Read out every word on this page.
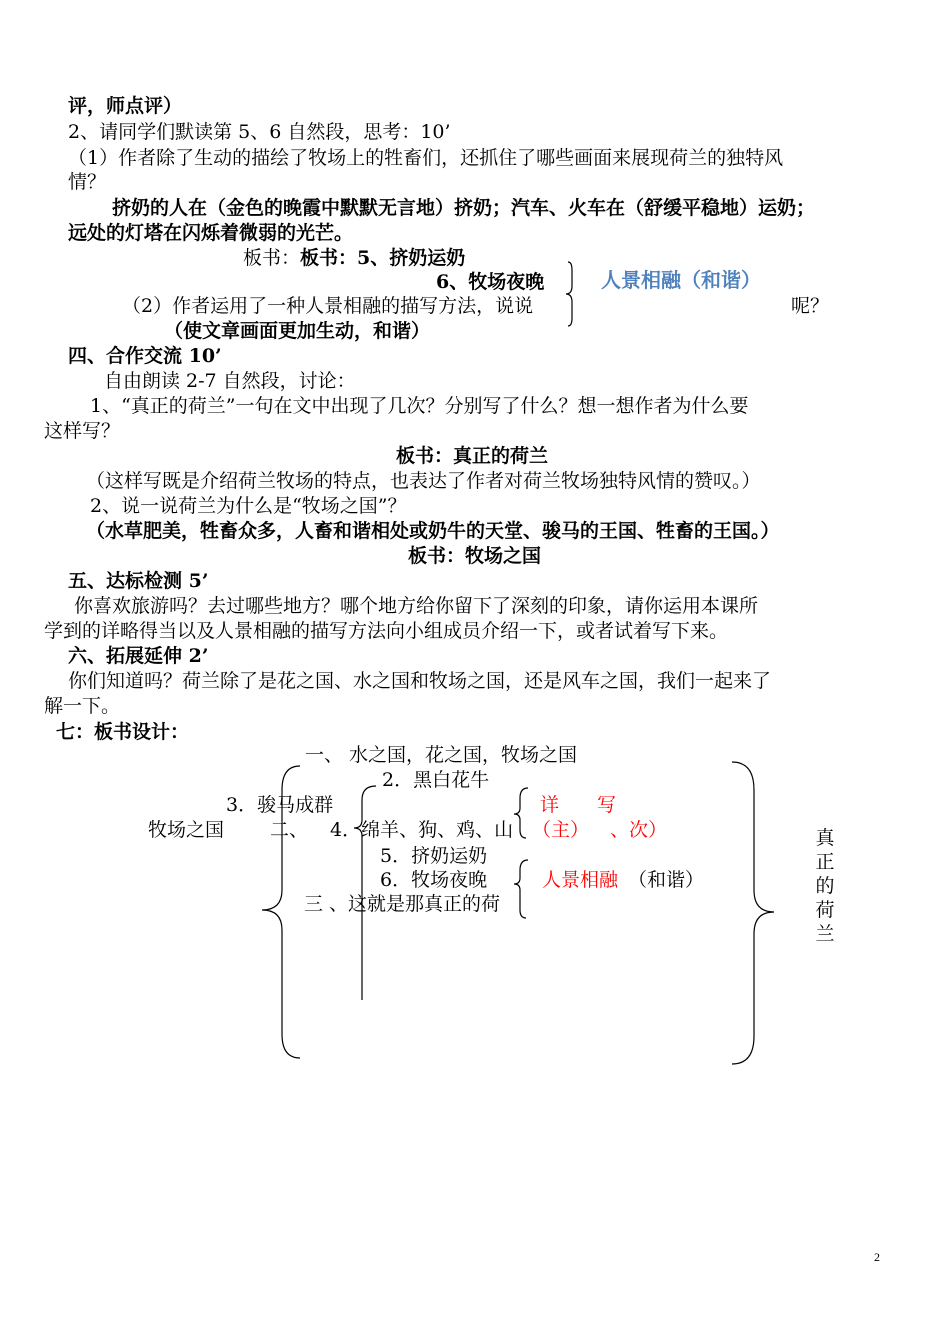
评，师点评）
2、请同学们默读第 5、6 自然段，思考：10’
（1）作者除了生动的描绘了牧场上的牲畜们，还抓住了哪些画面来展现荷兰的独特风
情？
挤奶的人在（金色的晚霞中默默无言地）挤奶；汽车、火车在（舒缓平稳地）运奶；
远处的灯塔在闪烁着微弱的光芒。
板书：板书：5、挤奶运奶
6、牧场夜晚	人景相融（和谐）
（2）作者运用了一种人景相融的描写方法，说说	呢？
（使文章画面更加生动，和谐）
四、合作交流 10’
自由朗读 2-7 自然段，讨论：
1、“真正的荷兰”一句在文中出现了几次？分别写了什么？想一想作者为什么要
这样写？
板书：真正的荷兰
（这样写既是介绍荷兰牧场的特点，也表达了作者对荷兰牧场独特风情的赞叹。）
2、说一说荷兰为什么是“牧场之国”？
（水草肥美，牲畜众多，人畜和谐相处或奶牛的天堂、骏马的王国、牲畜的王国。）
板书：牧场之国
五、达标检测 5’
你喜欢旅游吗？去过哪些地方？哪个地方给你留下了深刻的印象，请你运用本课所
学到的详略得当以及人景相融的描写方法向小组成员介绍一下，或者试着写下来。
六、拓展延伸 2’
你们知道吗？荷兰除了是花之国、水之国和牧场之国，还是风车之国，我们一起来了
解一下。
七：板书设计：
一、 水之国，花之国，牧场之国
2．黑白花牛
3．骏马成群	详　　写
牧场之国 二、 4．绵羊、狗、鸡、山 （主） 、次）
5．挤奶运奶
6．牧场夜晚	人景相融 （和谐）
三 、这就是那真正的荷
真正的荷兰
2
